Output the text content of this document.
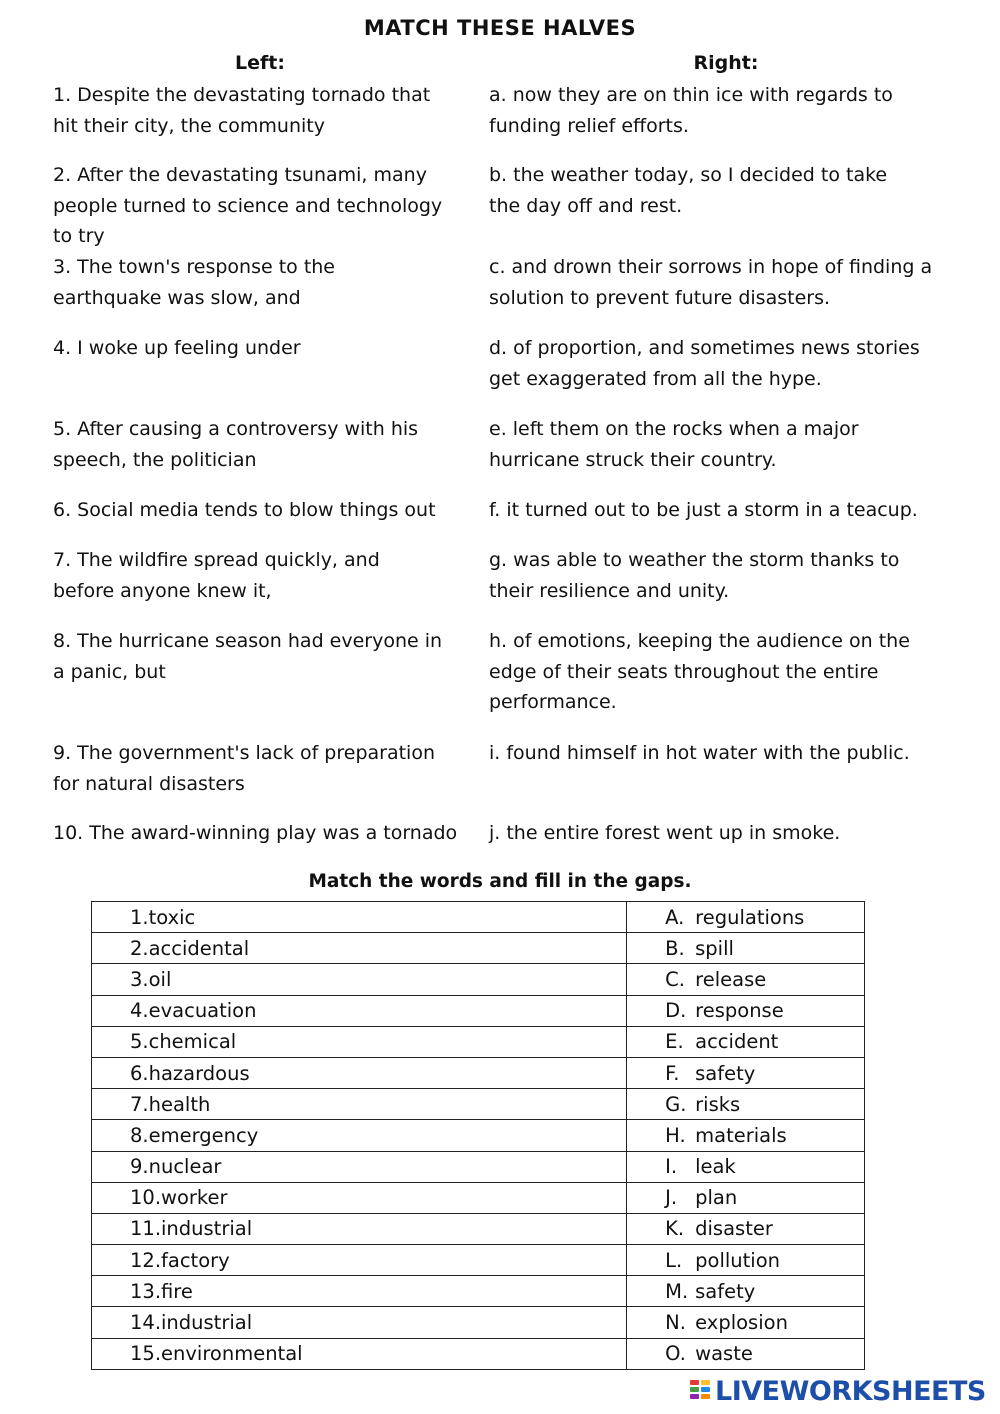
MATCH THESE HALVES
Left:	Right:
1. Despite the devastating tornado that
hit their city, the community
a. now they are on thin ice with regards to
funding relief efforts.
2. After the devastating tsunami, many
people turned to science and technology
to try
b. the weather today, so I decided to take
the day off and rest.
3. The town's response to the
earthquake was slow, and
c. and drown their sorrows in hope of finding a
solution to prevent future disasters.
4. I woke up feeling under	d. of proportion, and sometimes news stories
get exaggerated from all the hype.
5. After causing a controversy with his
speech, the politician
e. left them on the rocks when a major
hurricane struck their country.
6. Social media tends to blow things out	f. it turned out to be just a storm in a teacup.
7. The wildfire spread quickly, and
before anyone knew it,
g. was able to weather the storm thanks to
their resilience and unity.
8. The hurricane season had everyone in
a panic, but
h. of emotions, keeping the audience on the
edge of their seats throughout the entire
performance.
9. The government's lack of preparation
for natural disasters
i. found himself in hot water with the public.
10. The award-winning play was a tornado j. the entire forest went up in smoke.
Match the words and fill in the gaps.
1.toxic	A. regulations
2.accidental	B. spill
3.oil	C. release
4.evacuation	D. response
5.chemical	E. accident
6.hazardous	F. safety
7.health	G. risks
8.emergency	H. materials
9.nuclear	I. leak
10.worker	J. plan
11.industrial	K. disaster
12.factory	L. pollution
13.fire	M. safety
14.industrial	N. explosion
15.environmental	O. waste
LIVEWORKSHEETS
